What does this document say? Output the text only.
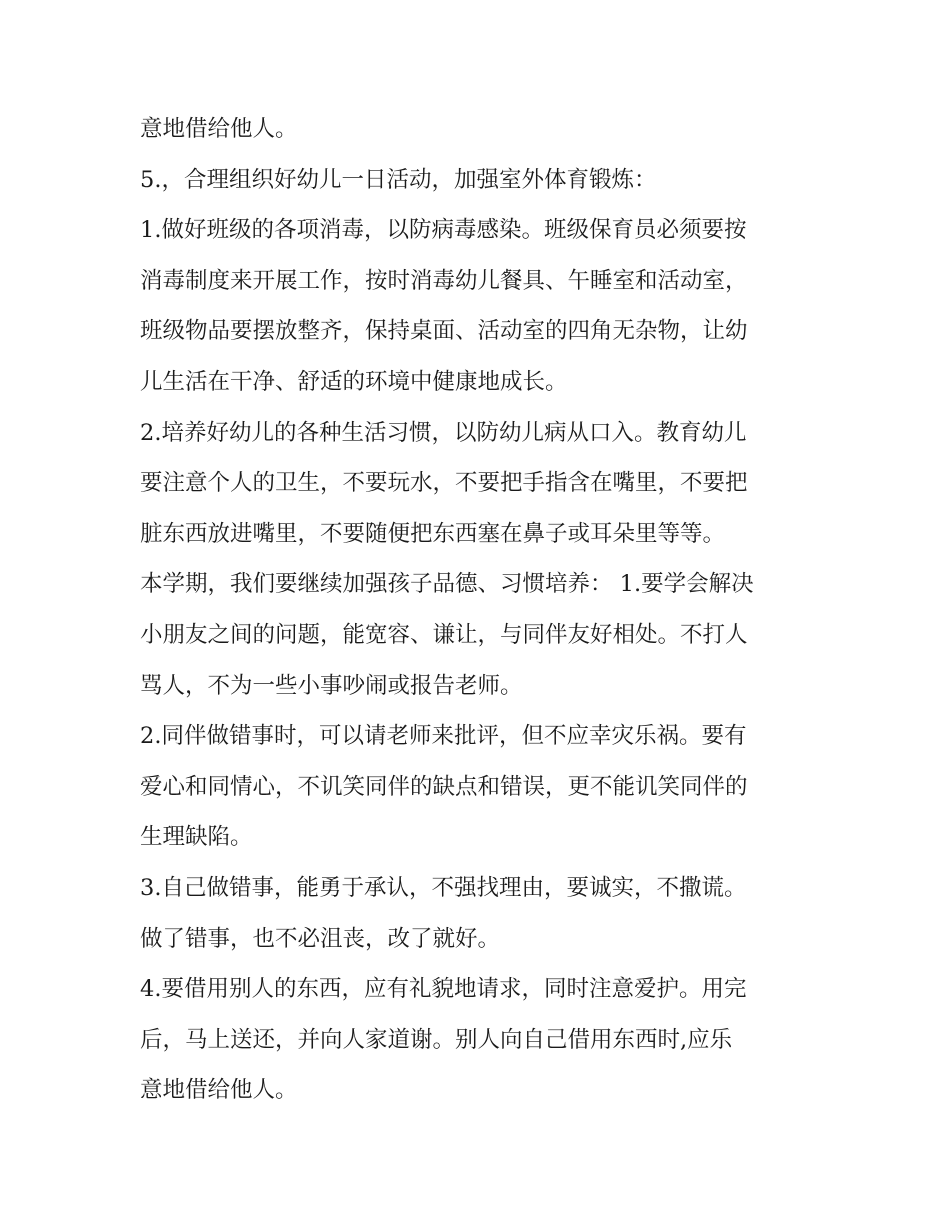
意地借给他人。
5.，合理组织好幼儿一日活动，加强室外体育锻炼：
1.做好班级的各项消毒，以防病毒感染。班级保育员必须要按
消毒制度来开展工作，按时消毒幼儿餐具、午睡室和活动室，
班级物品要摆放整齐，保持桌面、活动室的四角无杂物，让幼
儿生活在干净、舒适的环境中健康地成长。
2.培养好幼儿的各种生活习惯，以防幼儿病从口入。教育幼儿
要注意个人的卫生，不要玩水，不要把手指含在嘴里，不要把
脏东西放进嘴里，不要随便把东西塞在鼻子或耳朵里等等。
本学期，我们要继续加强孩子品德、习惯培养： 1.要学会解决
小朋友之间的问题，能宽容、谦让，与同伴友好相处。不打人
骂人，不为一些小事吵闹或报告老师。
2.同伴做错事时，可以请老师来批评，但不应幸灾乐祸。要有
爱心和同情心，不讥笑同伴的缺点和错误，更不能讥笑同伴的
生理缺陷。
3.自己做错事，能勇于承认，不强找理由，要诚实，不撒谎。
做了错事，也不必沮丧，改了就好。
4.要借用别人的东西，应有礼貌地请求，同时注意爱护。用完
后，马上送还，并向人家道谢。别人向自己借用东西时,应乐
意地借给他人。
